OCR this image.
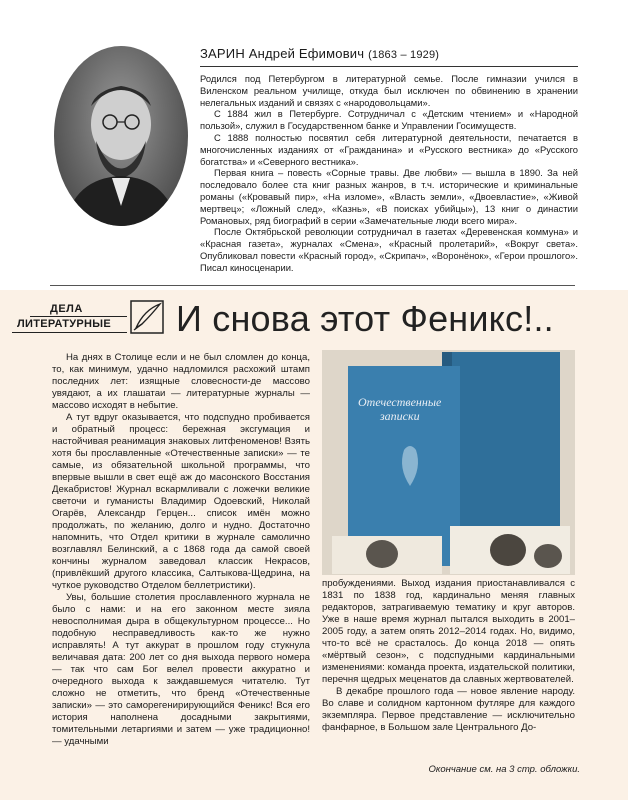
ЗАРИН Андрей Ефимович (1863 – 1929)

Родился под Петербургом в литературной семье. После гимназии учился в Виленском реальном училище, откуда был исключен по обвинению в хранении нелегальных изданий и связях с «народовольцами».

С 1884 жил в Петербурге. Сотрудничал с «Детским чтением» и «Народной пользой», служил в Государственном банке и Управлении Госимуществ.

С 1888 полностью посвятил себя литературной деятельности, печатается в многочисленных изданиях от «Гражданина» и «Русского вестника» до «Русского богатства» и «Северного вестника».

Первая книга – повесть «Сорные травы. Двe любви» — вышла в 1890. За ней последовало более ста книг разных жанров, в т.ч. исторические и криминальные романы («Кровавый пир», «На изломе», «Власть земли», «Двоевластие», «Живой мертвец»; «Ложный след», «Казнь», «В поисках убийцы»), 13 книг о династии Романовых, ряд биографий в серии «Замечательные люди всего мира».

После Октябрьской революции сотрудничал в газетах «Деревенская коммуна» и «Красная газета», журналах «Смена», «Красный пролетарий», «Вокруг света». Опубликовал повести «Красный город», «Скрипач», «Воронёнок», «Герои прошлого». Писал киносценарии.

ДЕЛА
ЛИТЕРАТУРНЫЕ И снова этот Феникс!..

На днях в Столице если и не был сломлен до конца, то, как минимум, удачно надломился расхожий штамп последних лет: изящные словесности-де массово увядают, а их глашатаи — литературные журналы — массово исходят в небытие.

А тут вдруг оказывается, что подспудно пробивается и обратный процесс: бережная эксгумация и настойчивая реанимация знаковых литфеноменов! Взять хотя бы прославленные «Отечественные записки» — те самые, из обязательной школьной программы, что впервые вышли в свет ещё аж до масонского Восстания Декабристов! Журнал вскармливали с ложечки великие светочи и гуманисты Владимир Одоевский, Николай Огарёв, Александр Герцен... список имён можно продолжать, по желанию, долго и нудно. Достаточно напомнить, что Отдел критики в журнале самолично возглавлял Белинский, а с 1868 года да самой своей кончины журналом заведовал классик Некрасов, (привлёкший другого классика, Салтыкова-Щедрина, на чуткое руководство Отделом беллетристики).

Увы, большие столетия прославленного журнала не было с нами: и на его законном месте зияла невосполнимая дыра в общекультурном процессе... Но подобную несправедливость как-то же нужно исправлять! А тут аккурат в прошлом году стукнула величавая дата: 200 лет со дня выхода первого номера — так что сам Бог велел провести аккуратно и очередного выхода к заждавшемуся читателю. Тут сложно не отметить, что бренд «Отечественные записки» — это самоpегенирирующийся Феникс! Вся его история наполнена досадными закрытиями, томительными летаргиями и затем — уже традиционно! — удачными

Отечественные
записки

пробуждениями. Выход издания приостанавливался с 1831 по 1838 год, кардинально меняя главных редакторов, затрагиваемую тематику и круг авторов. Уже в наше время журнал пытался выходить в 2001–2005 году, а затем опять 2012–2014 годах. Но, видимо, что-то всё не срасталось. До конца 2018 — опять «мёртвый сезон», с подспудными кардинальными изменениями: командa проекта, издательской политики, перечня щедрых меценатов да славных жертвователей.

В декабре прошлого года — новое явление народу. Во славе и солидном картонном футляре для каждого экземпляра. Первое представление — исключительно фанфарное, в Большом зале Центрального До-

Окончание см. на 3 стр. обложки.
